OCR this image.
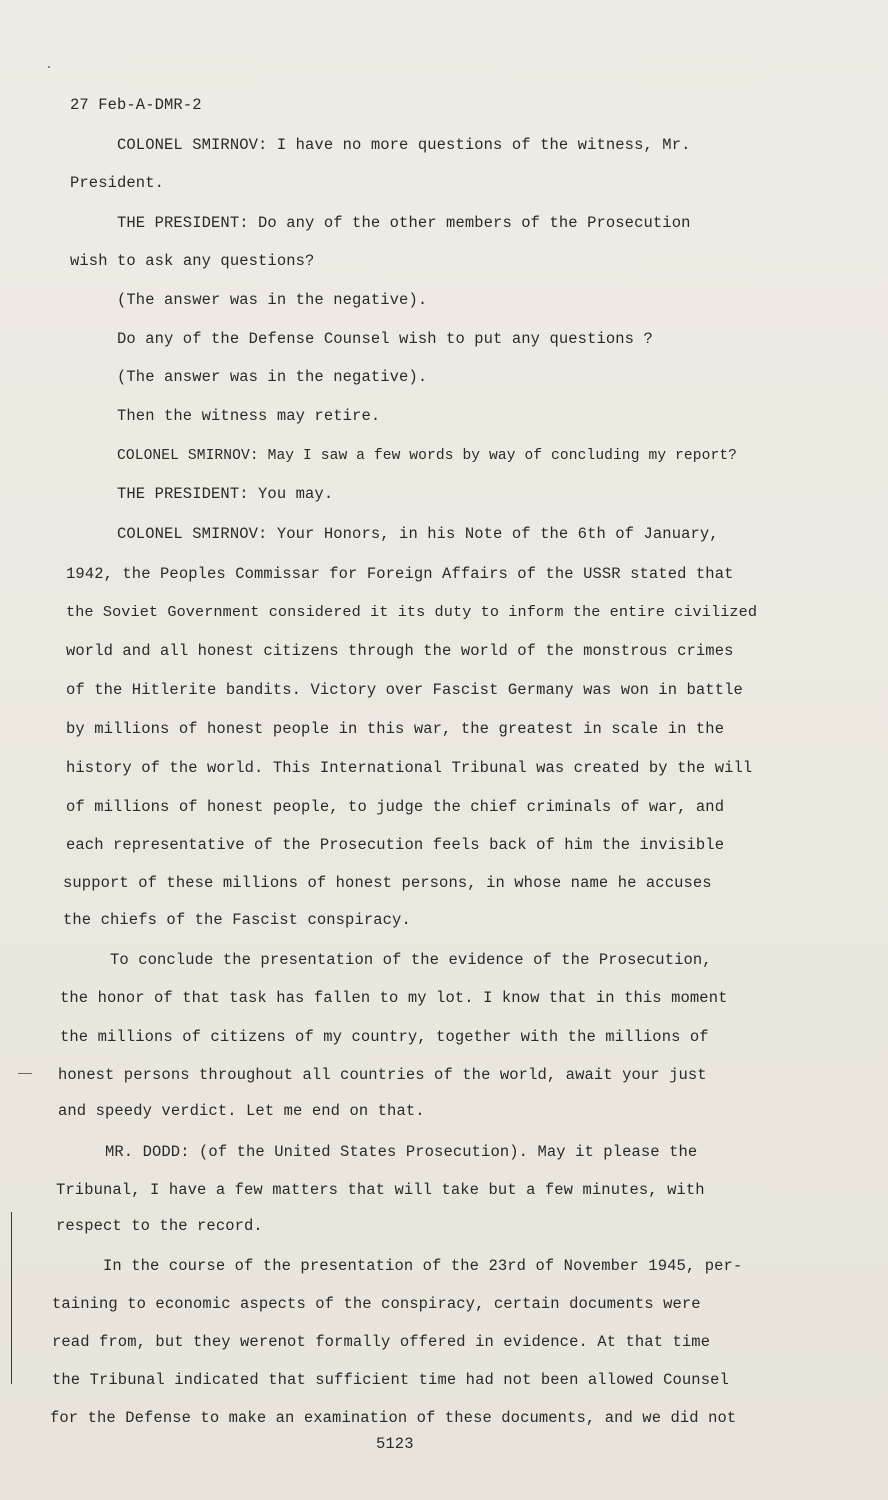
27 Feb-A-DMR-2
COLONEL SMIRNOV: I have no more questions of the witness, Mr.
President.
THE PRESIDENT: Do any of the other members of the Prosecution
wish to ask any questions?
(The answer was in the negative).
Do any of the Defense Counsel wish to put any questions ?
(The answer was in the negative).
Then the witness may retire.
COLONEL SMIRNOV: May I saw a few words by way of concluding my report?
THE PRESIDENT: You may.
COLONEL SMIRNOV: Your Honors, in his Note of the 6th of January,
1942, the Peoples Commissar for Foreign Affairs of the USSR stated that
the Soviet Government considered it its duty to inform the entire civilized
world and all honest citizens through the world of the monstrous crimes
of the Hitlerite bandits. Victory over Fascist Germany was won in battle
by millions of honest people in this war, the greatest in scale in the
history of the world. This International Tribunal was created by the will
of millions of honest people, to judge the chief criminals of war, and
each representative of the Prosecution feels back of him the invisible
support of these millions of honest persons, in whose name he accuses
the chiefs of the Fascist conspiracy.
To conclude the presentation of the evidence of the Prosecution,
the honor of that task has fallen to my lot. I know that in this moment
the millions of citizens of my country, together with the millions of
honest persons throughout all countries of the world, await your just
and speedy verdict. Let me end on that.
MR. DODD: (of the United States Prosecution). May it please the
Tribunal, I have a few matters that will take but a few minutes, with
respect to the record.
In the course of the presentation of the 23rd of November 1945, per-
taining to economic aspects of the conspiracy, certain documents were
read from, but they werenot formally offered in evidence. At that time
the Tribunal indicated that sufficient time had not been allowed Counsel
for the Defense to make an examination of these documents, and we did not
5123
